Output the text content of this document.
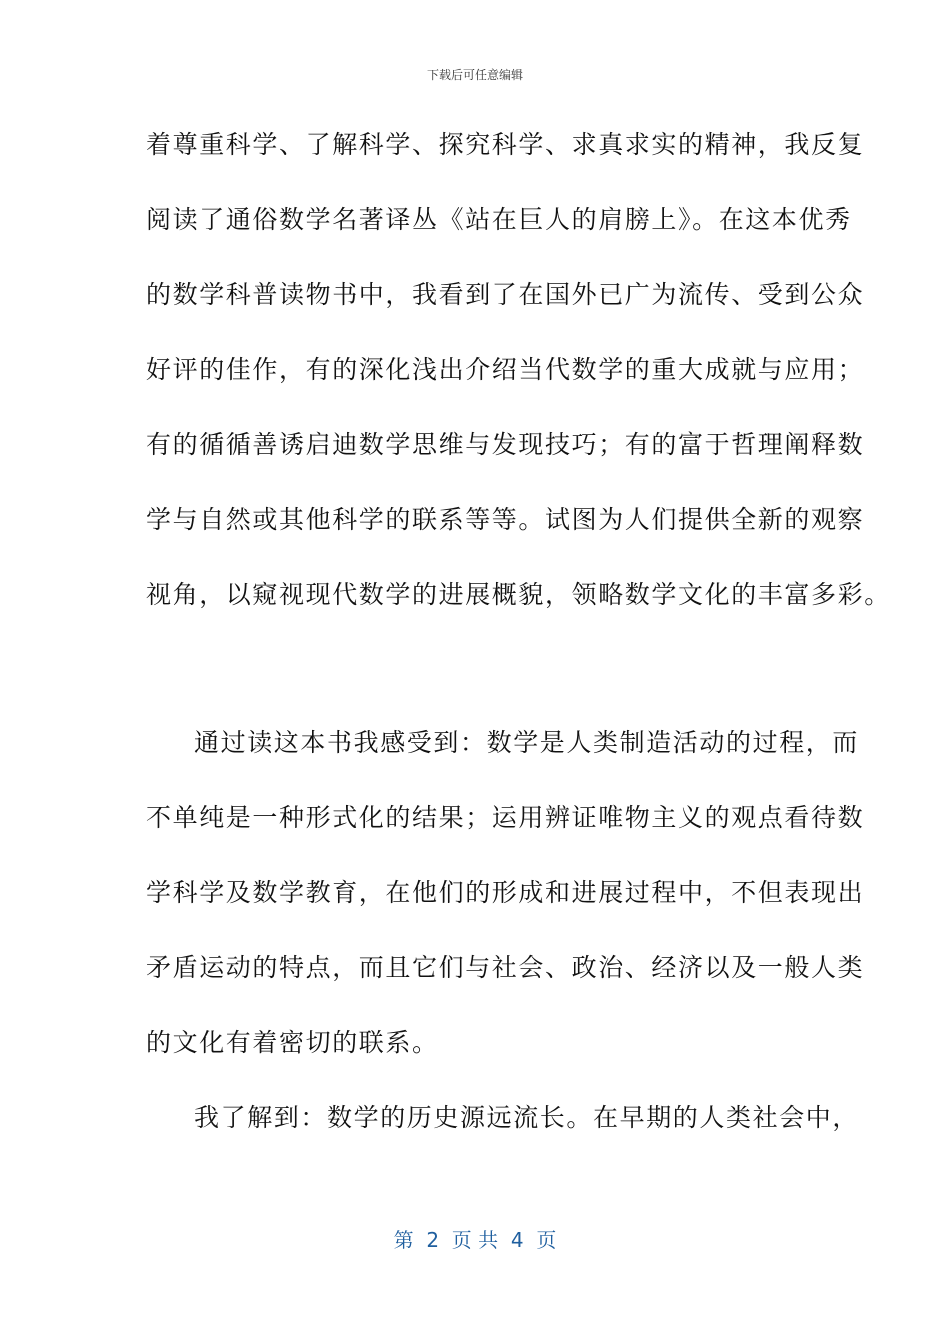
下载后可任意编辑
着尊重科学、了解科学、探究科学、求真求实的精神，我反复
阅读了通俗数学名著译丛《站在巨人的肩膀上》。在这本优秀
的数学科普读物书中，我看到了在国外已广为流传、受到公众
好评的佳作，有的深化浅出介绍当代数学的重大成就与应用；
有的循循善诱启迪数学思维与发现技巧；有的富于哲理阐释数
学与自然或其他科学的联系等等。试图为人们提供全新的观察
视角，以窥视现代数学的进展概貌，领略数学文化的丰富多彩。
通过读这本书我感受到：数学是人类制造活动的过程，而
不单纯是一种形式化的结果；运用辨证唯物主义的观点看待数
学科学及数学教育，在他们的形成和进展过程中，不但表现出
矛盾运动的特点，而且它们与社会、政治、经济以及一般人类
的文化有着密切的联系。
我了解到：数学的历史源远流长。在早期的人类社会中，
第  2  页 共  4  页
